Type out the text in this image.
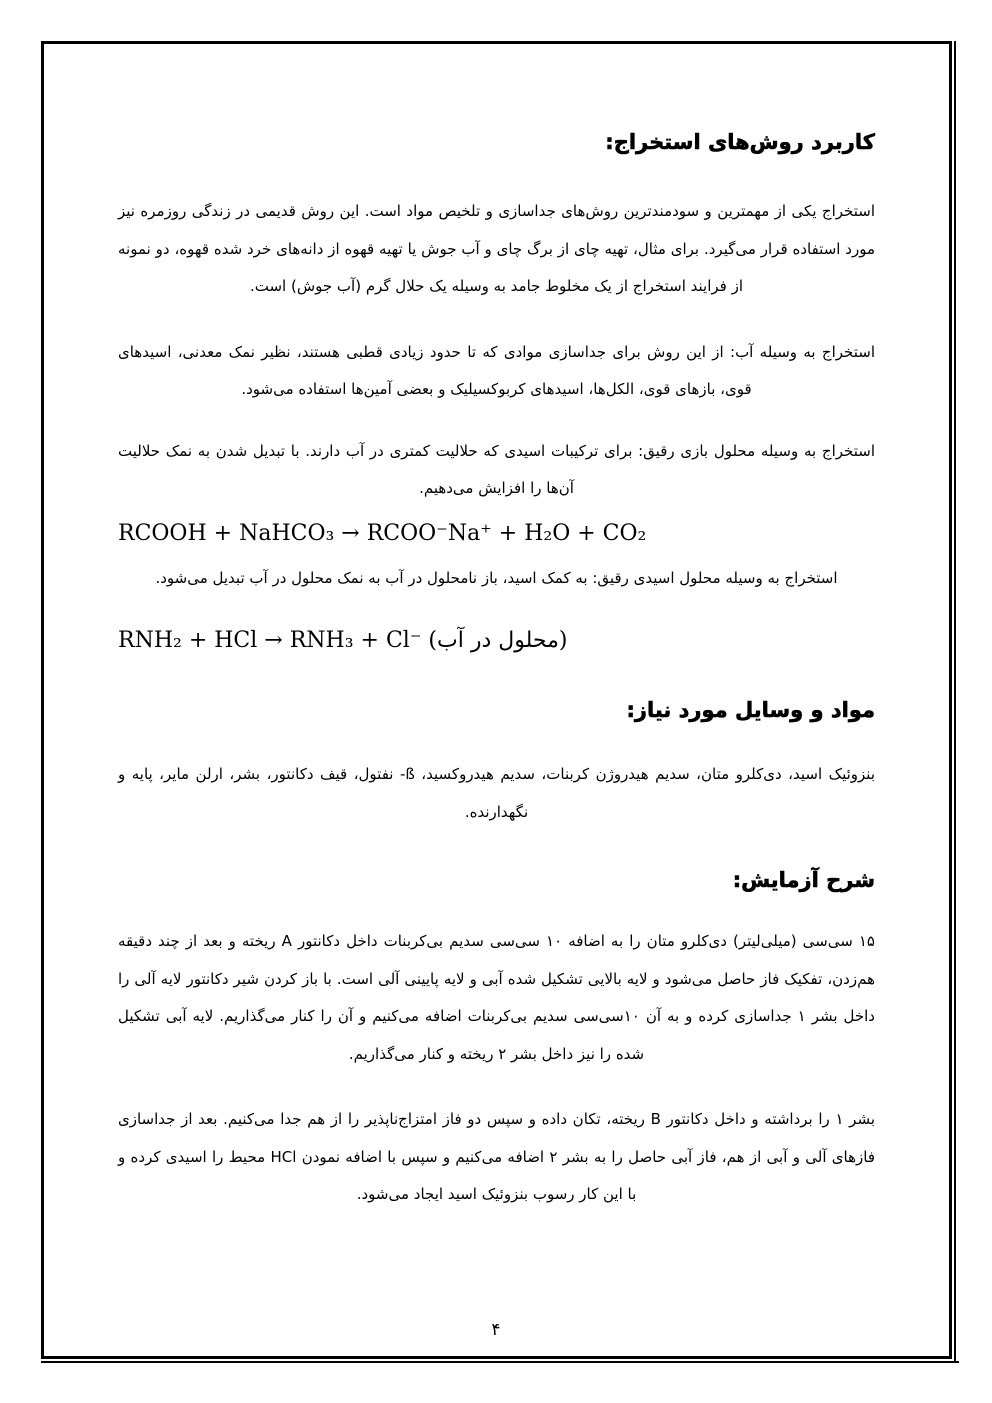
کاربرد روش‌های استخراج:

استخراج یکی از مهمترین و سودمندترین روش‌های جداسازی و تلخیص مواد است. این روش قدیمی در زندگی روزمره نیز مورد استفاده قرار می‌گیرد. برای مثال، تهیه چای از برگ چای و آب جوش یا تهیه قهوه از دانه‌های خرد شده قهوه، دو نمونه از فرایند استخراج از یک مخلوط جامد به وسیله یک حلال گرم (آب جوش) است.

استخراج به وسیله آب: از این روش برای جداسازی موادی که تا حدود زیادی قطبی هستند، نظیر نمک معدنی، اسیدهای قوی، بازهای قوی، الکل‌ها، اسیدهای کربوکسیلیک و بعضی آمین‌ها استفاده می‌شود.

استخراج به وسیله محلول بازی رقیق: برای ترکیبات اسیدی که حلالیت کمتری در آب دارند. با تبدیل شدن به نمک حلالیت آن‌ها را افزایش می‌دهیم.

RCOOH + NaHCO₃ → RCOO⁻Na⁺ + H₂O + CO₂

استخراج به وسیله محلول اسیدی رقیق: به کمک اسید، باز نامحلول در آب به نمک محلول در آب تبدیل می‌شود.

RNH₂ + HCl → RNH₃ + Cl⁻ (محلول در آب)
مواد و وسایل مورد نیاز:

بنزوئیک اسید، دی‌کلرو متان، سدیم هیدروژن کربنات، سدیم هیدروکسید، ß- نفتول، قیف دکانتور، بشر، ارلن مایر، پایه و نگهدارنده.

شرح آزمایش:

۱۵ سی‌سی (میلی‌لیتر) دی‌کلرو متان را به اضافه ۱۰ سی‌سی سدیم بی‌کربنات داخل دکانتور A ریخته و بعد از چند دقیقه هم‌زدن، تفکیک فاز حاصل می‌شود و لایه بالایی تشکیل شده آبی و لایه پایینی آلی است. با باز کردن شیر دکانتور لایه آلی را داخل بشر ۱ جداسازی کرده و به آن ۱۰سی‌سی سدیم بی‌کربنات اضافه می‌کنیم و آن را کنار می‌گذاریم. لایه آبی تشکیل شده را نیز داخل بشر ۲ ریخته و کنار می‌گذاریم.

بشر ۱ را برداشته و داخل دکانتور B ریخته، تکان داده و سپس دو فاز امتزاج‌ناپذیر را از هم جدا می‌کنیم. بعد از جداسازی فازهای آلی و آبی از هم، فاز آبی حاصل را به بشر ۲ اضافه می‌کنیم و سپس با اضافه نمودن HCl محیط را اسیدی کرده و با این کار رسوب بنزوئیک اسید ایجاد می‌شود.

۴
